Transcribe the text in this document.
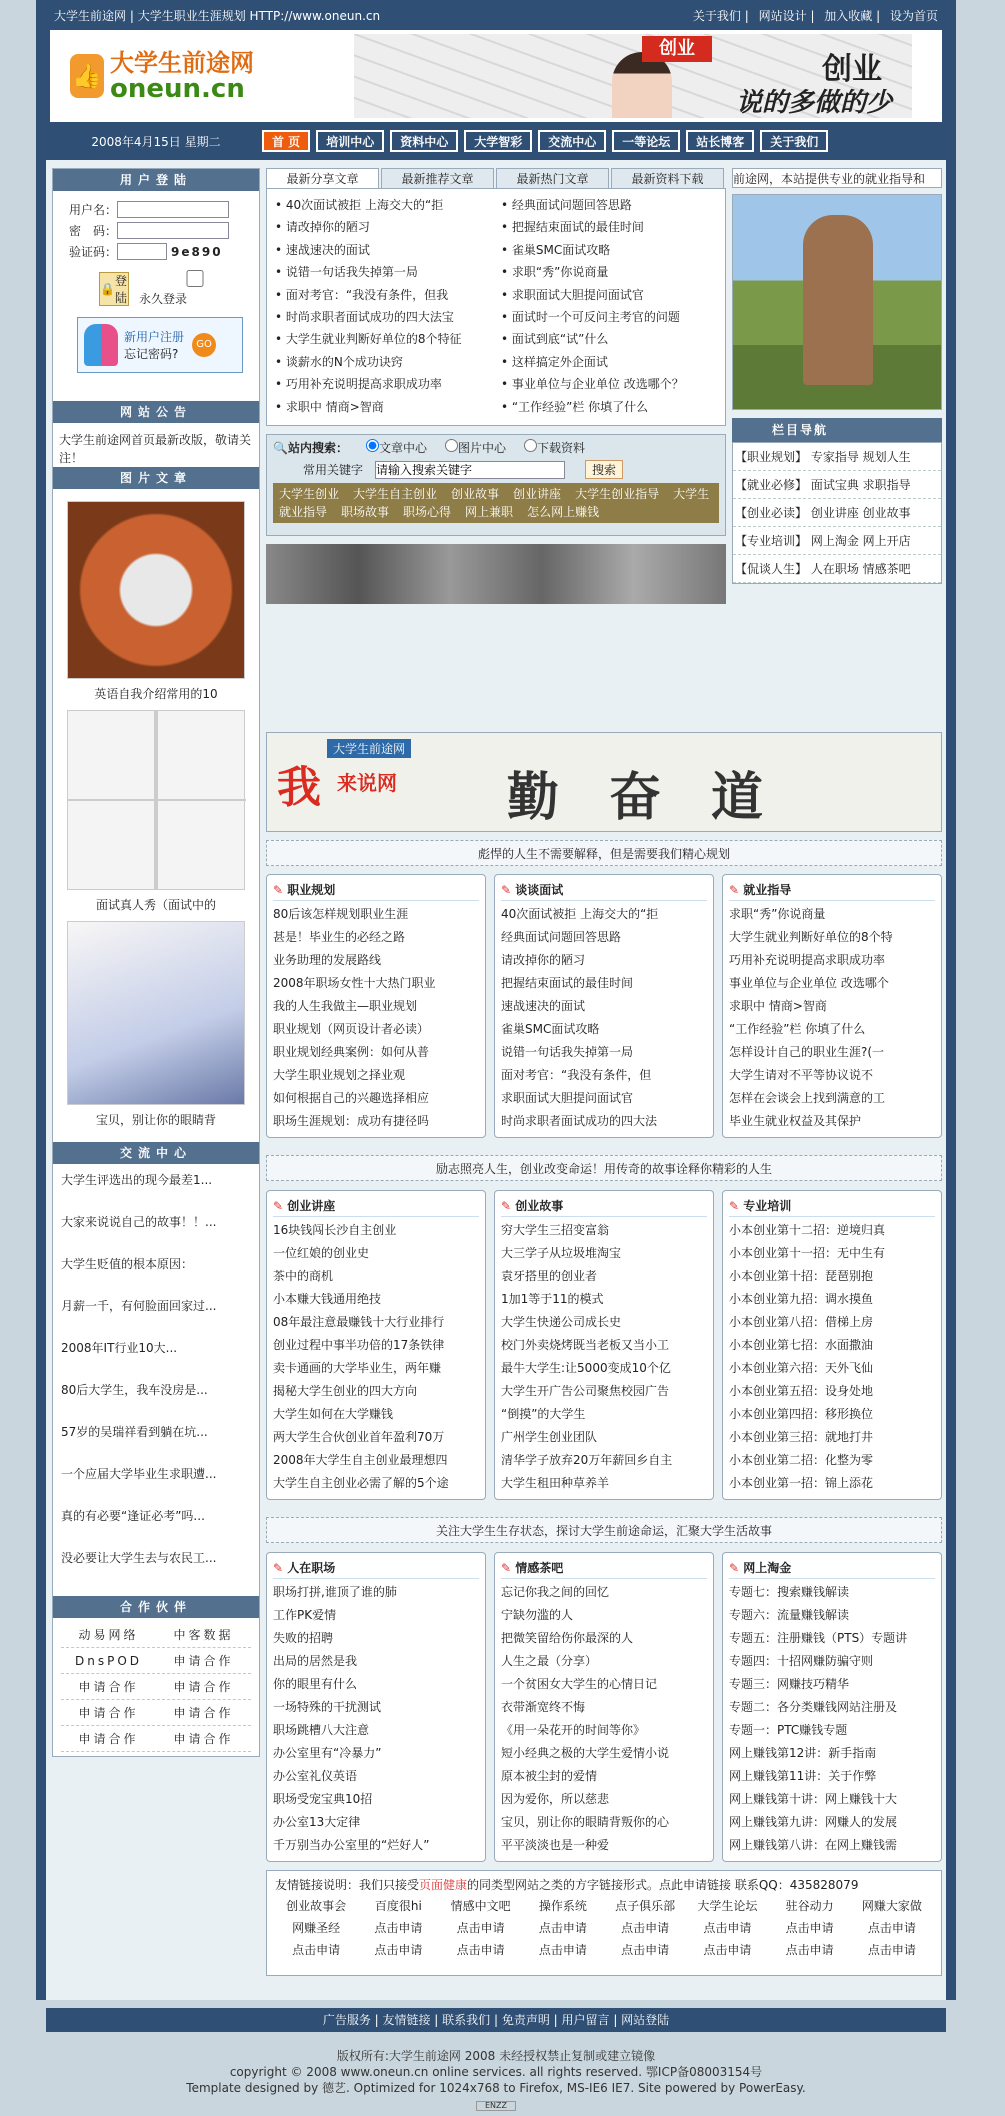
大学生前途网 | 大学生职业生涯规划 HTTP://www.oneun.cn	关于我们 | 网站设计 | 加入收藏 | 设为首页
👍 大学生前途网
oneun.cn
创业
创业
说的多做的少
2008年4月15日 星期二	首 页	培训中心	资料中心	大学智彩	交流中心	一等论坛	站长博客	关于我们
用户登陆
用户名：
密　码：
验证码：	9e890
🔒
登陆 永久登录
新用户注册
忘记密码?
GO
网站公告
大学生前途网首页最新改版，敬请关注！
图片文章
英语自我介绍常用的10
面试真人秀（面试中的
宝贝，别让你的眼睛背
交流中心
大学生评选出的现今最差1...
大家来说说自己的故事！！...
大学生贬值的根本原因：
月薪一千，有何脸面回家过...
2008年IT行业10大...
80后大学生，我车没房是...
57岁的吴瑞祥看到躺在坑...
一个应届大学毕业生求职遭...
真的有必要“逢证必考”吗...
没必要让大学生去与农民工...
合作伙伴
动易网络	中客数据
DnsPOD	申请合作
申请合作	申请合作
申请合作	申请合作
申请合作	申请合作
最新分享文章	最新推荐文章	最新热门文章	最新资料下载
• 40次面试被拒 上海交大的“拒	• 经典面试问题回答思路
• 请改掉你的陋习	• 把握结束面试的最佳时间
• 速战速决的面试	• 雀巢SMC面试攻略
• 说错一句话我失掉第一局	• 求职“秀”你说商量
• 面对考官：“我没有条件，但我	• 求职面试大胆提问面试官
• 时尚求职者面试成功的四大法宝	• 面试时一个可反问主考官的问题
• 大学生就业判断好单位的8个特征	• 面试到底“试”什么
• 谈薪水的N个成功诀窍	• 这样搞定外企面试
• 巧用补充说明提高求职成功率	• 事业单位与企业单位 改选哪个？
• 求职中 情商>智商	• “工作经验”栏 你填了什么
🔍 站内搜索：	文章中心	图片中心	下载资料
常用关键字
请输入搜索关键字	搜索
大学生创业 大学生自主创业 创业故事 创业讲座 大学生创业指导 大学生就业指导 职场故事 职场心得 网上兼职 怎么网上赚钱
前途网，本站提供专业的就业指导和
栏目导航
【职业规划】 专家指导 规划人生
【就业必修】 面试宝典 求职指导
【创业必读】 创业讲座 创业故事
【专业培训】 网上淘金 网上开店
【侃谈人生】 人在职场 情感茶吧
大学生前途网
我 来说网 勤奋道
彪悍的人生不需要解释，但是需要我们精心规划
✎ 职业规划
80后该怎样规划职业生涯
甚是！毕业生的必经之路
业务助理的发展路线
2008年职场女性十大热门职业
我的人生我做主—职业规划
职业规划（网页设计者必读）
职业规划经典案例：如何从普
大学生职业规划之择业观
如何根据自己的兴趣选择相应
职场生涯规划：成功有捷径吗
✎ 谈谈面试
40次面试被拒 上海交大的“拒
经典面试问题回答思路
请改掉你的陋习
把握结束面试的最佳时间
速战速决的面试
雀巢SMC面试攻略
说错一句话我失掉第一局
面对考官：“我没有条件，但
求职面试大胆提问面试官
时尚求职者面试成功的四大法
✎ 就业指导
求职“秀”你说商量
大学生就业判断好单位的8个特
巧用补充说明提高求职成功率
事业单位与企业单位 改选哪个
求职中 情商>智商
“工作经验”栏 你填了什么
怎样设计自己的职业生涯?(一
大学生请对不平等协议说不
怎样在会谈会上找到满意的工
毕业生就业权益及其保护
励志照亮人生，创业改变命运！用传奇的故事诠释你精彩的人生
✎ 创业讲座
16块钱闯长沙自主创业
一位红娘的创业史
茶中的商机
小本赚大钱通用绝技
08年最注意最赚钱十大行业排行
创业过程中事半功倍的17条铁律
卖卡通画的大学毕业生，两年赚
揭秘大学生创业的四大方向
大学生如何在大学赚钱
两大学生合伙创业首年盈利70万
2008年大学生自主创业最理想四
大学生自主创业必需了解的5个途
✎ 创业故事
穷大学生三招变富翁
大三学子从垃圾堆淘宝
袁牙搭里的创业者
1加1等于11的模式
大学生快递公司成长史
校门外卖烧烤既当老板又当小工
最牛大学生:让5000变成10个亿
大学生开广告公司聚焦校园广告
“倒摸”的大学生
广州学生创业团队
清华学子放弃20万年薪回乡自主
大学生租田种草养羊
✎ 专业培训
小本创业第十二招：逆境归真
小本创业第十一招：无中生有
小本创业第十招：琵琶别抱
小本创业第九招：调水摸鱼
小本创业第八招：借梯上房
小本创业第七招：水面撒油
小本创业第六招：天外飞仙
小本创业第五招：设身处地
小本创业第四招：移形换位
小本创业第三招：就地打井
小本创业第二招：化整为零
小本创业第一招：锦上添花
关注大学生生存状态，探讨大学生前途命运，汇聚大学生活故事
✎ 人在职场
职场打拼,谁顶了谁的肺
工作PK爱情
失败的招聘
出局的居然是我
你的眼里有什么
一场特殊的干扰测试
职场跳槽八大注意
办公室里有“冷暴力”
办公室礼仪英语
职场受宠宝典10招
办公室13大定律
千万别当办公室里的“烂好人”
✎ 情感茶吧
忘记你我之间的回忆
宁缺勿滥的人
把微笑留给伤你最深的人
人生之最（分享）
一个贫困女大学生的心情日记
衣带渐宽终不悔
《用一朵花开的时间等你》
短小经典之极的大学生爱情小说
原本被尘封的爱情
因为爱你，所以慈悲
宝贝，别让你的眼睛背叛你的心
平平淡淡也是一种爱
✎ 网上淘金
专题七：搜索赚钱解读
专题六：流量赚钱解读
专题五：注册赚钱（PTS）专题讲
专题四：十招网赚防骗守则
专题三：网赚技巧精华
专题二：各分类赚钱网站注册及
专题一：PTC赚钱专题
网上赚钱第12讲：新手指南
网上赚钱第11讲：关于作弊
网上赚钱第十讲：网上赚钱十大
网上赚钱第九讲：网赚人的发展
网上赚钱第八讲：在网上赚钱需
友情链接说明：我们只接受页面健康的同类型网站之类的方字链接形式。点此申请链接 联系QQ：435828079
创业故事会	百度很hi	情感中文吧	操作系统	点子俱乐部	大学生论坛	驻谷动力	网赚大家做
网赚圣经	点击申请	点击申请	点击申请	点击申请	点击申请	点击申请	点击申请
点击申请	点击申请	点击申请	点击申请	点击申请	点击申请	点击申请	点击申请
广告服务 | 友情链接 | 联系我们 | 免责声明 | 用户留言 | 网站登陆
版权所有:大学生前途网 2008 未经授权禁止复制或建立镜像
copyright © 2008 www.oneun.cn online services. all rights reserved. 鄂ICP备08003154号
Template designed by 德艺. Optimized for 1024x768 to Firefox, MS-IE6 IE7. Site powered by PowerEasy.
ENZZ
